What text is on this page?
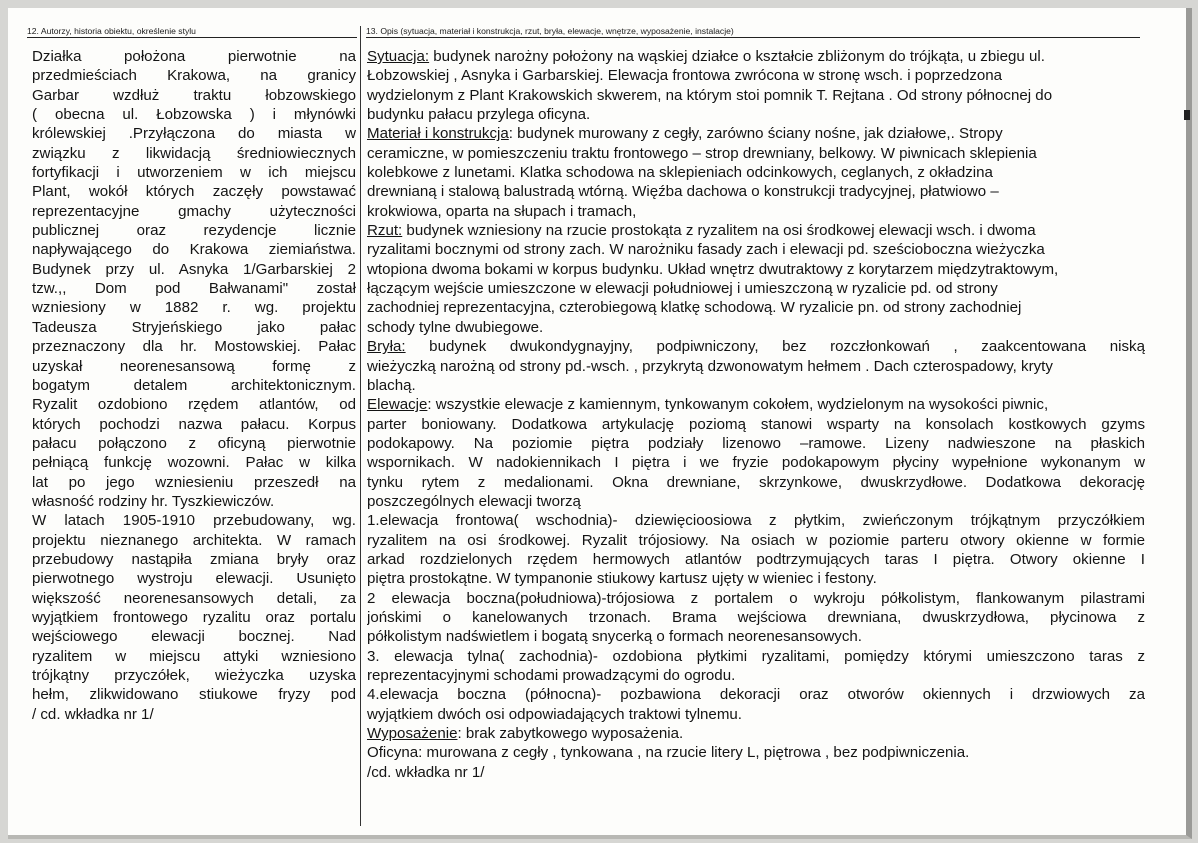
12. Autorzy, historia obiektu, określenie stylu	13. Opis (sytuacja, materiał i konstrukcja, rzut, bryła, elewacje, wnętrze, wyposażenie, instalacje)
Działka położona pierwotnie na
przedmieściach Krakowa, na granicy
Garbar wzdłuż traktu łobzowskiego
( obecna ul. Łobzowska ) i młynówki
królewskiej .Przyłączona do miasta w
związku z likwidacją średniowiecznych
fortyfikacji i utworzeniem w ich miejscu
Plant, wokół których zaczęły powstawać
reprezentacyjne gmachy użyteczności
publicznej oraz rezydencje licznie
napływającego do Krakowa ziemiaństwa.
Budynek przy ul. Asnyka 1/Garbarskiej 2
tzw.,, Dom pod Bałwanami" został
wzniesiony w 1882 r. wg. projektu
Tadeusza Stryjeńskiego jako pałac
przeznaczony dla hr. Mostowskiej. Pałac
uzyskał neorenesansową formę z
bogatym detalem architektonicznym.
Ryzalit ozdobiono rzędem atlantów, od
których pochodzi nazwa pałacu. Korpus
pałacu połączono z oficyną pierwotnie
pełniącą funkcję wozowni. Pałac w kilka
lat po jego wzniesieniu przeszedł na
własność rodziny hr. Tyszkiewiczów.
W latach 1905-1910 przebudowany, wg.
projektu nieznanego architekta. W ramach
przebudowy nastąpiła zmiana bryły oraz
pierwotnego wystroju elewacji. Usunięto
większość neorenesansowych detali, za
wyjątkiem frontowego ryzalitu oraz portalu
wejściowego elewacji bocznej. Nad
ryzalitem w miejscu attyki wzniesiono
trójkątny przyczółek, wieżyczka uzyska
hełm, zlikwidowano stiukowe fryzy pod
/ cd. wkładka nr 1/
Sytuacja: budynek narożny położony na wąskiej działce o kształcie zbliżonym do trójkąta, u zbiegu ul.
Łobzowskiej , Asnyka i Garbarskiej. Elewacja frontowa zwrócona w stronę wsch. i poprzedzona
wydzielonym z Plant Krakowskich skwerem, na którym stoi pomnik T. Rejtana . Od strony północnej do
budynku pałacu przylega oficyna.
Materiał i konstrukcja: budynek murowany z cegły, zarówno ściany nośne, jak działowe,. Stropy
ceramiczne, w pomieszczeniu traktu frontowego – strop drewniany, belkowy. W piwnicach sklepienia
kolebkowe z lunetami. Klatka schodowa na sklepieniach odcinkowych, ceglanych, z okładzina
drewnianą i stalową balustradą wtórną. Więźba dachowa o konstrukcji tradycyjnej, płatwiowo –
krokwiowa, oparta na słupach i tramach,
Rzut: budynek wzniesiony na rzucie prostokąta z ryzalitem na osi środkowej elewacji wsch. i dwoma
ryzalitami bocznymi od strony zach. W narożniku fasady zach i elewacji pd. sześcioboczna wieżyczka
wtopiona dwoma bokami w korpus budynku. Układ wnętrz dwutraktowy z korytarzem międzytraktowym,
łączącym wejście umieszczone w elewacji południowej i umieszczoną w ryzalicie pd. od strony
zachodniej reprezentacyjna, czterobiegową klatkę schodową. W ryzalicie pn. od strony zachodniej
schody tylne dwubiegowe.
Bryła: budynek dwukondygnayjny, podpiwniczony, bez rozczłonkowań , zaakcentowana niską
wieżyczką narożną od strony pd.-wsch. , przykrytą dzwonowatym hełmem . Dach czterospadowy, kryty
blachą.
Elewacje: wszystkie elewacje z kamiennym, tynkowanym cokołem, wydzielonym na wysokości piwnic,
parter boniowany. Dodatkowa artykulację poziomą stanowi wsparty na konsolach kostkowych gzyms
podokapowy. Na poziomie piętra podziały lizenowo –ramowe. Lizeny nadwieszone na płaskich
wspornikach. W nadokiennikach I piętra i we fryzie podokapowym płyciny wypełnione wykonanym w
tynku rytem z medalionami. Okna drewniane, skrzynkowe, dwuskrzydłowe. Dodatkowa dekorację
poszczególnych elewacji tworzą
1.elewacja frontowa( wschodnia)- dziewięcioosiowa z płytkim, zwieńczonym trójkątnym przyczółkiem
ryzalitem na osi środkowej. Ryzalit trójosiowy. Na osiach w poziomie parteru otwory okienne w formie
arkad rozdzielonych rzędem hermowych atlantów podtrzymujących taras I piętra. Otwory okienne I
piętra prostokątne. W tympanonie stiukowy kartusz ujęty w wieniec i festony.
2 elewacja boczna(południowa)-trójosiowa z portalem o wykroju półkolistym, flankowanym pilastrami
jońskimi o kanelowanych trzonach. Brama wejściowa drewniana, dwuskrzydłowa, płycinowa z
półkolistym nadświetlem i bogatą snycerką o formach neorenesansowych.
3. elewacja tylna( zachodnia)- ozdobiona płytkimi ryzalitami, pomiędzy którymi umieszczono taras z
reprezentacyjnymi schodami prowadzącymi do ogrodu.
4.elewacja boczna (północna)- pozbawiona dekoracji oraz otworów okiennych i drzwiowych za
wyjątkiem dwóch osi odpowiadających traktowi tylnemu.
Wyposażenie: brak zabytkowego wyposażenia.
Oficyna: murowana z cegły , tynkowana , na rzucie litery L, piętrowa , bez podpiwniczenia.
/cd. wkładka nr 1/
